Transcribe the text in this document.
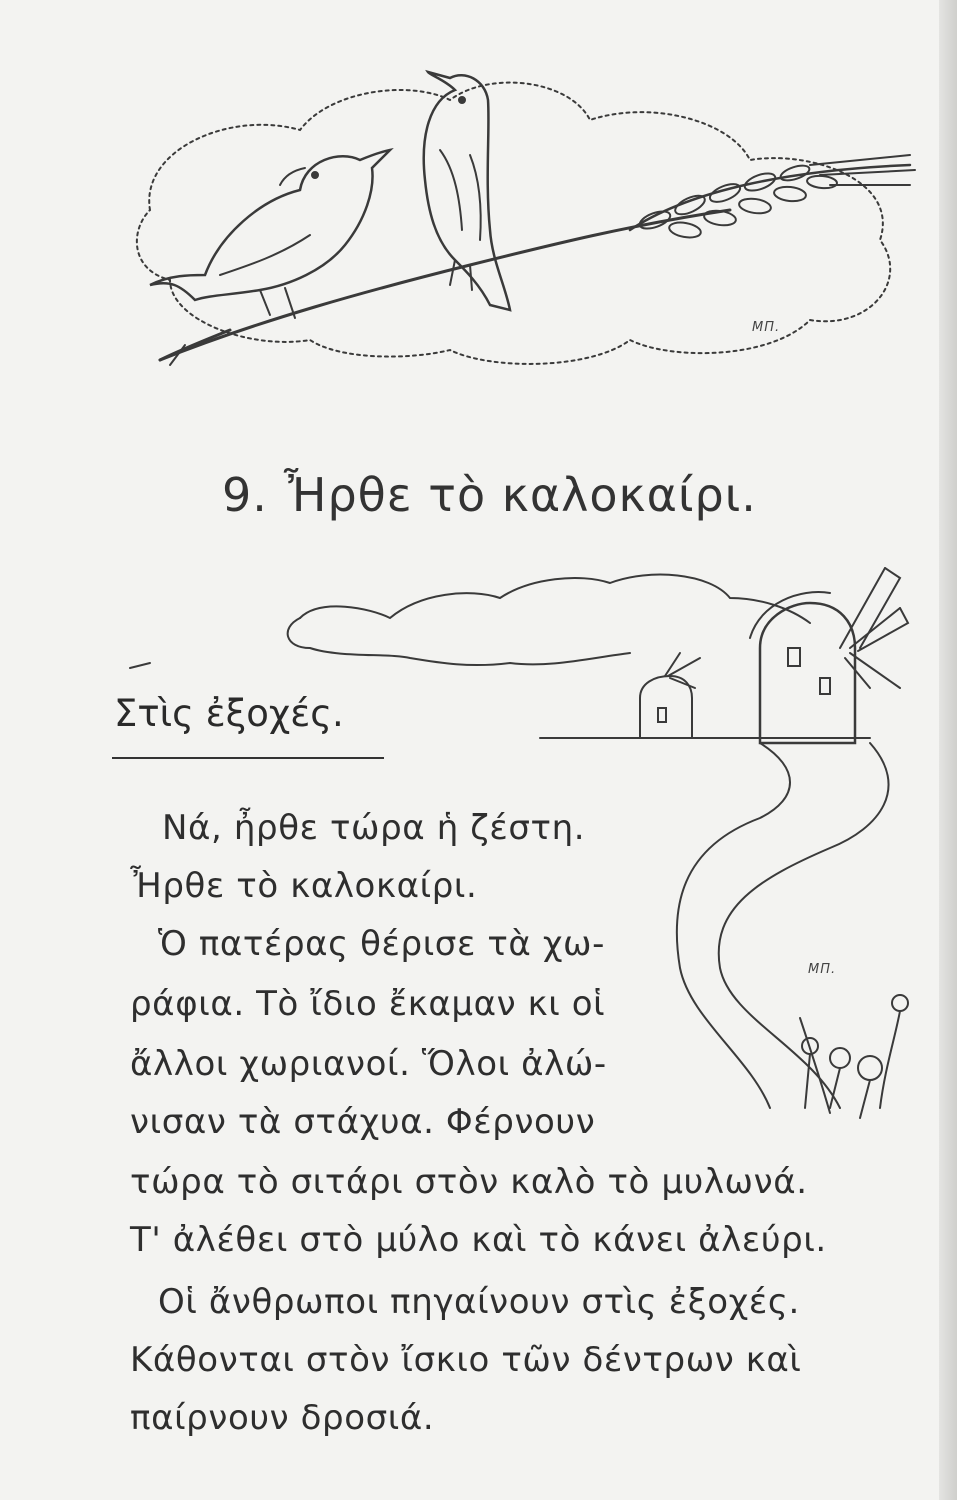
ΜΠ.
ΜΠ.
9. Ἦρθε τὸ καλοκαίρι.
Στὶς ἐξοχές.
Νά, ἦρθε τώρα ἡ ζέστη.
Ἦρθε τὸ καλοκαίρι.
Ὁ πατέρας θέρισε τὰ χω-
ράφια. Τὸ ἴδιο ἔκαμαν κι οἱ
ἄλλοι χωριανοί. Ὅλοι ἀλώ-
νισαν τὰ στάχυα. Φέρνουν
τώρα τὸ σιτάρι στὸν καλὸ τὸ μυλωνά.
Τ' ἀλέθει στὸ μύλο καὶ τὸ κάνει ἀλεύρι.
Οἱ ἄνθρωποι πηγαίνουν στὶς ἐξοχές.
Κάθονται στὸν ἴσκιο τῶν δέντρων καὶ
παίρνουν δροσιά.
